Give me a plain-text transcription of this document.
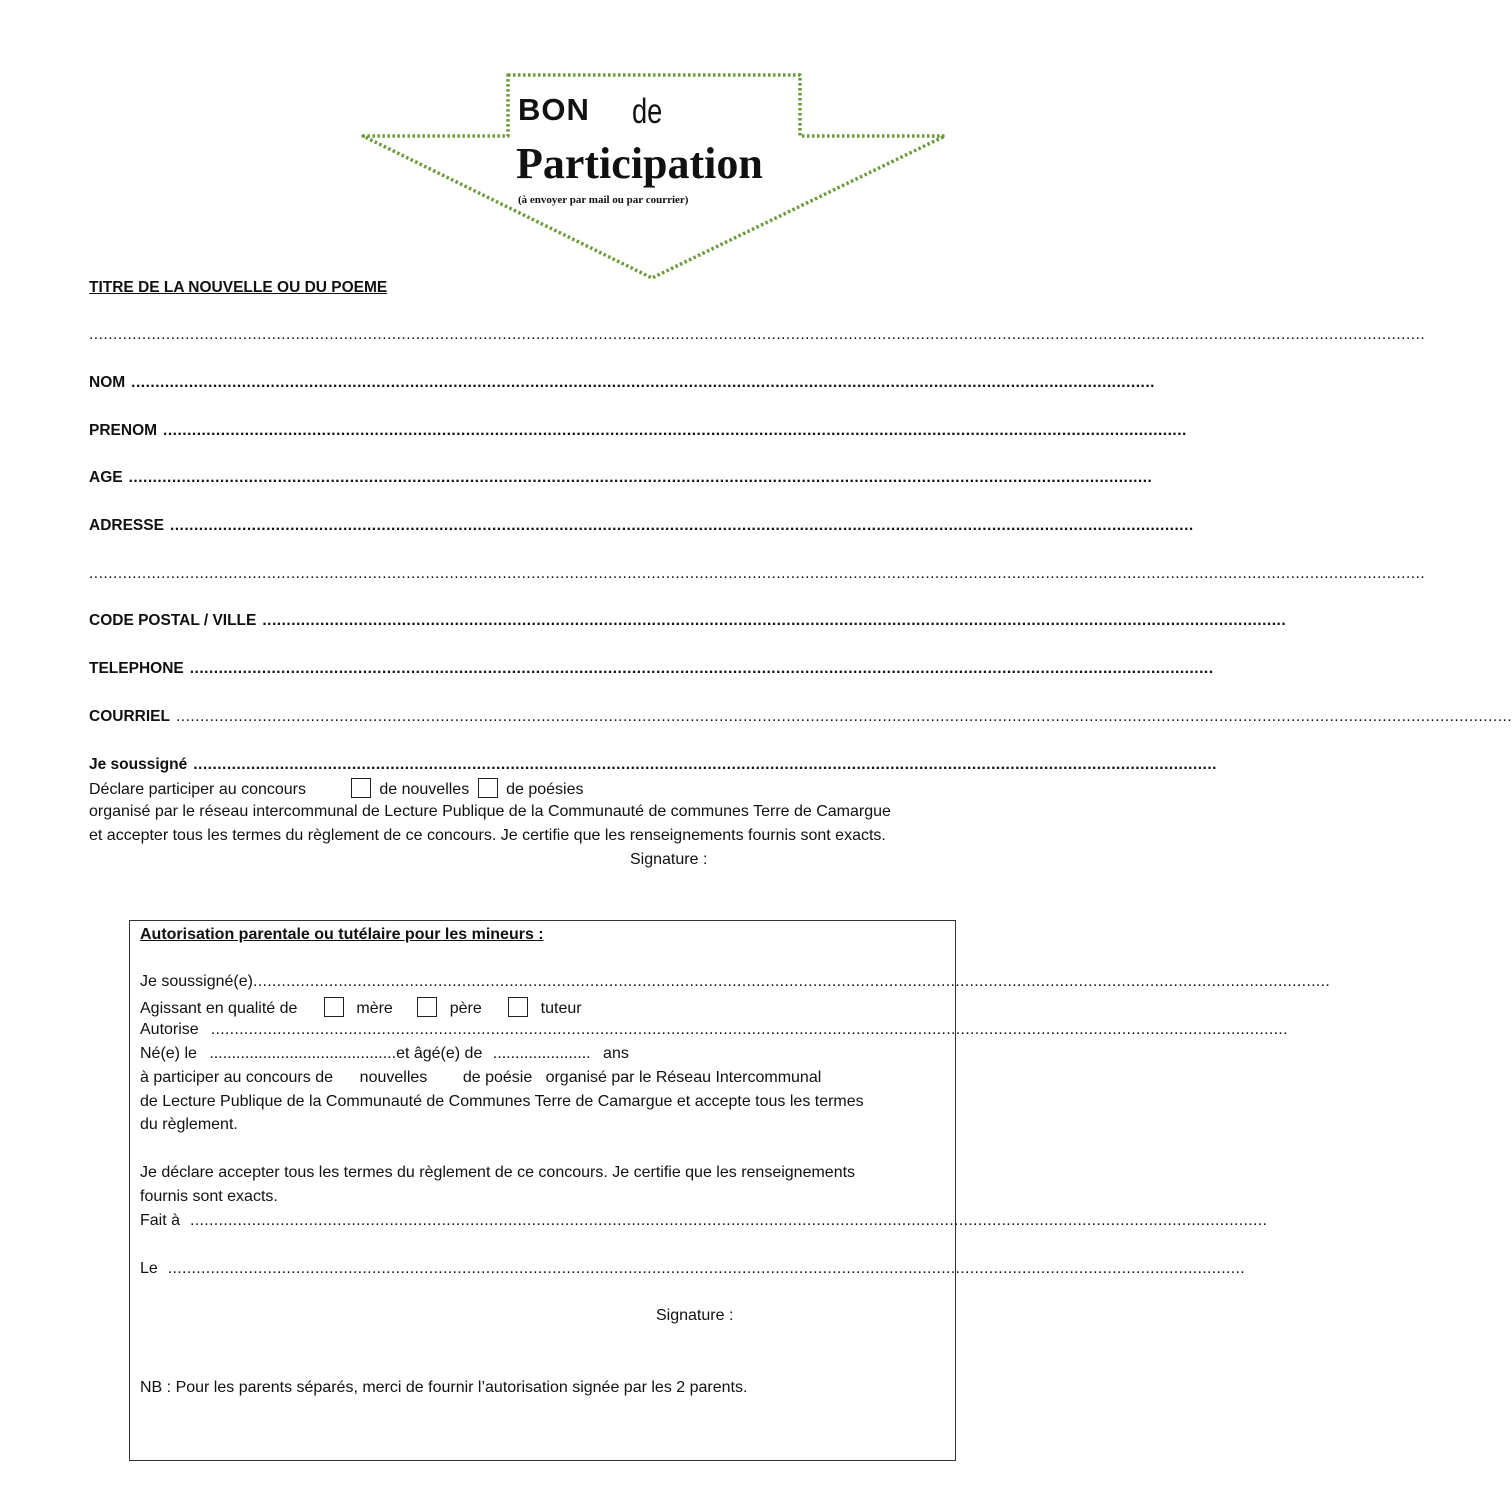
BON de
Participation
(à envoyer par mail ou par courrier)
TITRE DE LA NOUVELLE OU DU POEME
......................................................................................................................................................................................................................................................................................
NOM .....................................................................................................................................................................................................................
PRENOM .....................................................................................................................................................................................................................
AGE .....................................................................................................................................................................................................................
ADRESSE .....................................................................................................................................................................................................................
......................................................................................................................................................................................................................................................................................
CODE POSTAL / VILLE .....................................................................................................................................................................................................................
TELEPHONE .....................................................................................................................................................................................................................
COURRIEL ......................................................................................................................................................................................................................................................................................
Je soussigné .....................................................................................................................................................................................................................
Déclare participer au concours	de nouvelles de poésies
organisé par le réseau intercommunal de Lecture Publique de la Communauté de communes Terre de Camargue
et accepter tous les termes du règlement de ce concours. Je certifie que les renseignements fournis sont exacts.
Signature :
Autorisation parentale ou tutélaire pour les mineurs :
Je soussigné(e) ...................................................................................................................................................................................................................................
Agissant en qualité de	mère	père	tuteur
Autorise ...................................................................................................................................................................................................................................
Né(e) le ..........................................et âgé(e) de ...................... ans
à participer au concours de      nouvelles        de poésie   organisé par le Réseau Intercommunal
de Lecture Publique de la Communauté de Communes Terre de Camargue et accepte tous les termes
du règlement.
Je déclare accepter tous les termes du règlement de ce concours. Je certifie que les renseignements
fournis sont exacts.
Fait à ...................................................................................................................................................................................................................................
Le ...................................................................................................................................................................................................................................
Signature :
NB : Pour les parents séparés, merci de fournir l’autorisation signée par les 2 parents.
